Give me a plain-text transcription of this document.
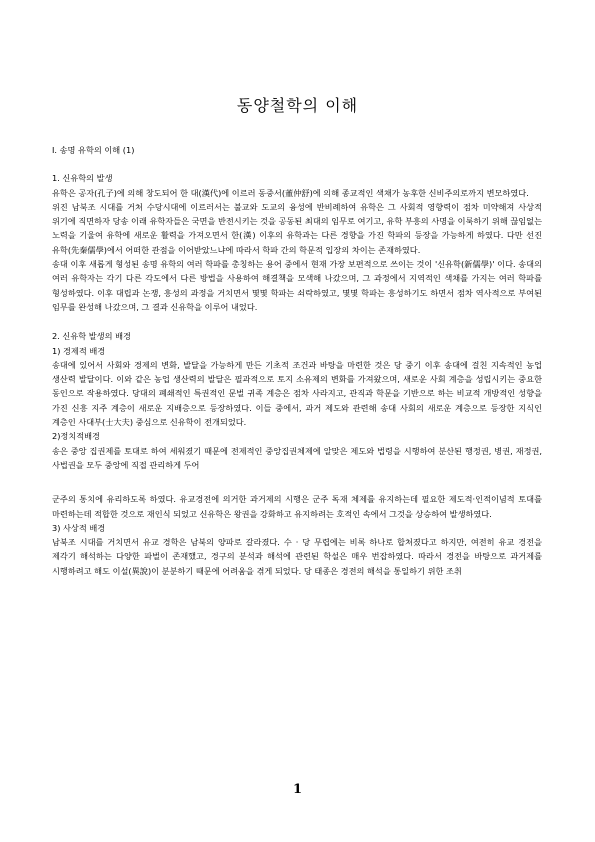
동양철학의 이해

Ⅰ. 송명 유학의 이해 (1)

1. 신유학의 발생

유학은 공자(孔子)에 의해 창도되어 한 대(漢代)에 이르러 동중서(董仲舒)에 의해 종교적인 색채가 농후한 신비주의로까지 변모하였다.

위진 남북조 시대를 거쳐 수당시대에 이르러서는 불교와 도교의 융성에 반비례하여 유학은 그 사회적 영향력이 점차 미약해져 사상적 위기에 직면하자 당송 이래 유학자들은 국면을 반전시키는 것을 공동된 최대의 임무로 여기고, 유학 부흥의 사명을 이룩하기 위해 끊임없는 노력을 기울여 유학에 새로운 활력을 가져오면서 한(漢) 이후의 유학과는 다른 경향을 가진 학파의 등장을 가능하게 하였다. 다만 선진 유학(先秦儒學)에서 어떠한 관점을 이어받았느냐에 따라서 학파 간의 학문적 입장의 차이는 존재하였다.

송대 이후 새롭게 형성된 송명 유학의 여러 학파를 총칭하는 용어 중에서 현재 가장 보편적으로 쓰이는 것이 '신유학(新儒學)' 이다. 송대의 여러 유학자는 각기 다른 각도에서 다른 방법을 사용하여 해결책을 모색해 나갔으며, 그 과정에서 지역적인 색채를 가지는 여러 학파를 형성하였다. 이후 대립과 논쟁, 흥성의 과정을 거치면서 몇몇 학파는 쇠락하였고, 몇몇 학파는 흥성하기도 하면서 점차 역사적으로 부여된 임무를 완성해 나갔으며, 그 결과 신유학을 이루어 내었다.

2. 신유학 발생의 배경

1) 경제적 배경

송대에 있어서 사회와 경제의 변화, 발달을 가능하게 만든 기초적 조건과 바탕을 마련한 것은 당 중기 이후 송대에 걸친 지속적인 농업 생산력 발달이다. 이와 같은 농업 생산력의 발달은 필과적으로 토지 소유제의 변화를 가져왔으며, 새로운 사회 계층을 성립시키는 중요한 동인으로 작용하였다. 당대의 폐쇄적인 특권적인 문벌 귀족 계층은 점차 사라지고, 관직과 학문을 기반으로 하는 비교적 개방적인 성향을 가진 신흥 지주 계층이 새로운 지배층으로 등장하였다. 이들 중에서, 과거 제도와 관련해 송대 사회의 새로운 계층으로 등장한 지식인 계층인 사대부(士大夫) 중심으로 신유학이 전개되었다.

2)정치적배경

송은 중앙 집권제를 토대로 하여 세워졌기 때문에 전제적인 중앙집권체제에 알맞은 제도와 법령을 시행하여 분산된 행정권, 병권, 재정권, 사법권을 모두 중앙에 직접 관리하게 두어

군주의 통치에 유리하도록 하였다. 유교경전에 의거한 과거제의 시행은 군주 독재 체제를 유지하는데 필요한 제도적·인적이념적 토대를 마련하는데 적합한 것으로 재인식 되었고 신유학은 왕권을 강화하고 유지하려는 호적인 속에서 그것을 상승하여 발생하였다.

3) 사상적 배경

남북조 시대를 거치면서 유교 경학은 남북의 양파로 갈라졌다. 수 · 당 무렵에는 비록 하나로 합쳐졌다고 하지만, 여전히 유교 경전을 제각기 해석하는 다양한 파벌이 존재했고, 경구의 분석과 해석에 관련된 학설은 매우 번잡하였다. 따라서 경전을 바탕으로 과거제를 시행하려고 해도 이설(異說)이 분분하기 때문에 어려움을 겪게 되었다. 당 태종은 경전의 해석을 통일하기 위한 조취

1
